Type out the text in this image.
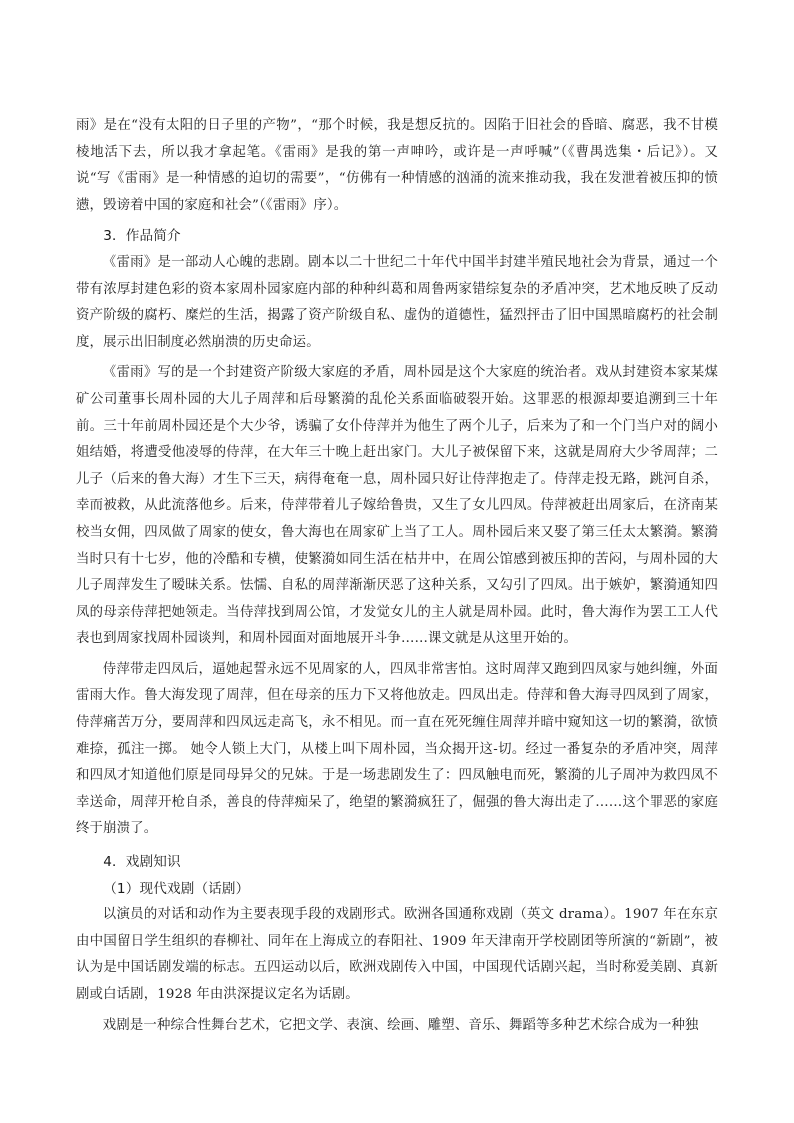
雨》是在“没有太阳的日子里的产物”，“那个时候，我是想反抗的。因陷于旧社会的昏暗、腐恶，我不甘模棱地活下去，所以我才拿起笔。《雷雨》是我的第一声呻吟，或许是一声呼喊”（《曹禺选集・后记》）。又说“写《雷雨》是一种情感的迫切的需要”，“仿佛有一种情感的汹涌的流来推动我，我在发泄着被压抑的愤懑，毁谤着中国的家庭和社会”（《雷雨》序）。

3．作品简介

《雷雨》是一部动人心魄的悲剧。剧本以二十世纪二十年代中国半封建半殖民地社会为背景，通过一个带有浓厚封建色彩的资本家周朴园家庭内部的种种纠葛和周鲁两家错综复杂的矛盾冲突，艺术地反映了反动资产阶级的腐朽、糜烂的生活，揭露了资产阶级自私、虚伪的道德性，猛烈抨击了旧中国黑暗腐朽的社会制度，展示出旧制度必然崩溃的历史命运。

《雷雨》写的是一个封建资产阶级大家庭的矛盾，周朴园是这个大家庭的统治者。戏从封建资本家某煤矿公司董事长周朴园的大儿子周萍和后母繁漪的乱伦关系面临破裂开始。这罪恶的根源却要追溯到三十年前。三十年前周朴园还是个大少爷，诱骗了女仆侍萍并为他生了两个儿子，后来为了和一个门当户对的阔小姐结婚，将遭受他凌辱的侍萍，在大年三十晚上赶出家门。大儿子被保留下来，这就是周府大少爷周萍；二儿子（后来的鲁大海）才生下三天，病得奄奄一息，周朴园只好让侍萍抱走了。侍萍走投无路，跳河自杀，幸而被救，从此流落他乡。后来，侍萍带着儿子嫁给鲁贵，又生了女儿四凤。侍萍被赶出周家后，在济南某校当女佣，四凤做了周家的使女，鲁大海也在周家矿上当了工人。周朴园后来又娶了第三任太太繁漪。繁漪当时只有十七岁，他的冷酷和专横，使繁漪如同生活在枯井中，在周公馆感到被压抑的苦闷，与周朴园的大儿子周萍发生了暧昧关系。怯懦、自私的周萍渐渐厌恶了这种关系，又勾引了四凤。出于嫉妒，繁漪通知四凤的母亲侍萍把她领走。当侍萍找到周公馆，才发觉女儿的主人就是周朴园。此时，鲁大海作为罢工工人代表也到周家找周朴园谈判，和周朴园面对面地展开斗争……课文就是从这里开始的。

侍萍带走四凤后，逼她起誓永远不见周家的人，四凤非常害怕。这时周萍又跑到四凤家与她纠缠，外面雷雨大作。鲁大海发现了周萍，但在母亲的压力下又将他放走。四凤出走。侍萍和鲁大海寻四凤到了周家，侍萍痛苦万分，要周萍和四凤远走高飞，永不相见。而一直在死死缠住周萍并暗中窥知这一切的繁漪，欲愤难捺，孤注一掷。 她令人锁上大门，从楼上叫下周朴园，当众揭开这-切。经过一番复杂的矛盾冲突，周萍和四凤才知道他们原是同母异父的兄妹。于是一场悲剧发生了：四凤触电而死，繁漪的儿子周冲为救四凤不幸送命，周萍开枪自杀，善良的侍萍痴呆了，绝望的繁漪疯狂了，倔强的鲁大海出走了……这个罪恶的家庭终于崩溃了。

4．戏剧知识
（1）现代戏剧（话剧）

以演员的对话和动作为主要表现手段的戏剧形式。欧洲各国通称戏剧（英文 drama）。1907 年在东京由中国留日学生组织的春柳社、同年在上海成立的春阳社、1909 年天津南开学校剧团等所演的“新剧”，被认为是中国话剧发端的标志。五四运动以后，欧洲戏剧传入中国，中国现代话剧兴起，当时称爱美剧、真新剧或白话剧，1928 年由洪深提议定名为话剧。

戏剧是一种综合性舞台艺术，它把文学、表演、绘画、雕塑、音乐、舞蹈等多种艺术综合成为一种独
